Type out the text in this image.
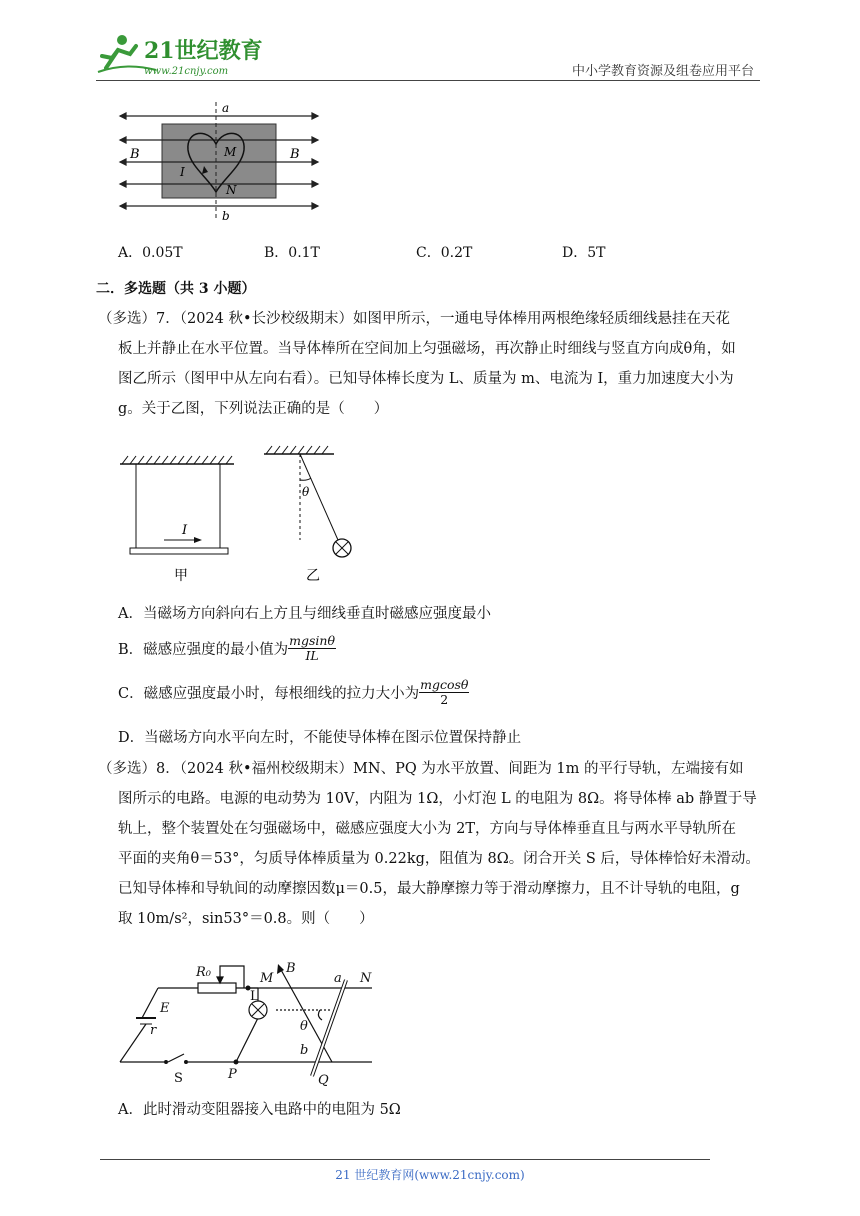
21世纪教育
www.21cnjy.com	中小学教育资源及组卷应用平台
a
b
B	B
M
N
I
A．0.05T	B．0.1T	C．0.2T	D．5T
二．多选题（共 3 小题）
（多选）7．（2024 秋•长沙校级期末）如图甲所示，一通电导体棒用两根绝缘轻质细线悬挂在天花
板上并静止在水平位置。当导体棒所在空间加上匀强磁场，再次静止时细线与竖直方向成θ角，如
图乙所示（图甲中从左向右看）。已知导体棒长度为 L、质量为 m、电流为 I，重力加速度大小为
g。关于乙图，下列说法正确的是（　　）
I
甲
θ
乙
A．当磁场方向斜向右上方且与细线垂直时磁感应强度最小
B．磁感应强度的最小值为 $\frac{mgsin\theta}{IL}$
C．磁感应强度最小时，每根细线的拉力大小为 $\frac{mgcos\theta}{2}$
D．当磁场方向水平向左时，不能使导体棒在图示位置保持静止
（多选）8．（2024 秋•福州校级期末）MN、PQ 为水平放置、间距为 1m 的平行导轨，左端接有如
图所示的电路。电源的电动势为 10V，内阻为 1Ω，小灯泡 L 的电阻为 8Ω。将导体棒 ab 静置于导
轨上，整个装置处在匀强磁场中，磁感应强度大小为 2T，方向与导体棒垂直且与两水平导轨所在
平面的夹角θ＝53°，匀质导体棒质量为 0.22kg，阻值为 8Ω。闭合开关 S 后，导体棒恰好未滑动。
已知导体棒和导轨间的动摩擦因数μ＝0.5，最大静摩擦力等于滑动摩擦力，且不计导轨的电阻，g
取 10m/s²，sin53°＝0.8。则（　　）
R₀	M
B
a N
E
r
L
θ
b
S	P	Q
A．此时滑动变阻器接入电路中的电阻为 5Ω
21 世纪教育网(www.21cnjy.com)
